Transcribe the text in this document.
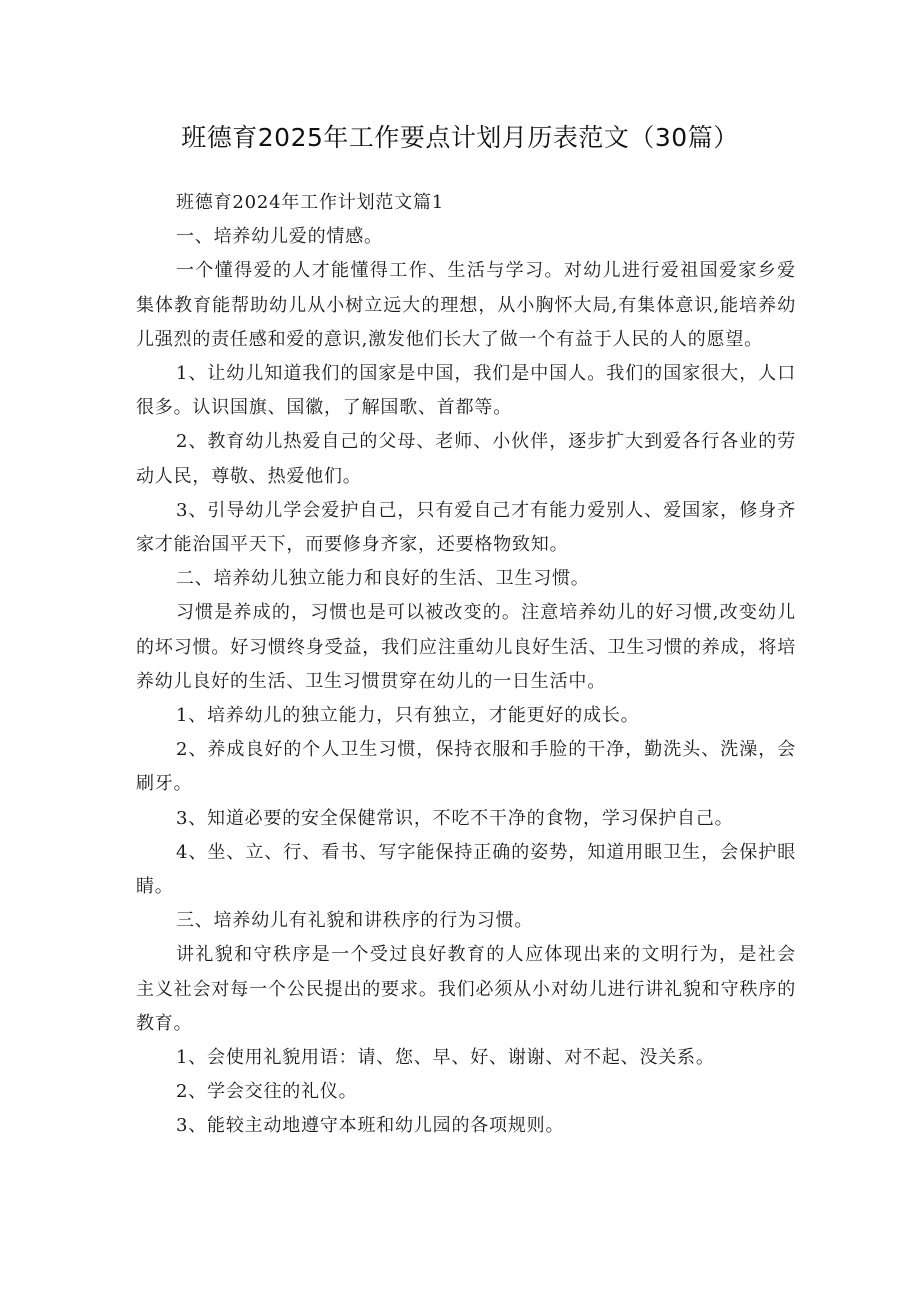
班德育2025年工作要点计划月历表范文（30篇）

班德育2024年工作计划范文篇1

一、培养幼儿爱的情感。

一个懂得爱的人才能懂得工作、生活与学习。对幼儿进行爱祖国爱家乡爱集体教育能帮助幼儿从小树立远大的理想，从小胸怀大局,有集体意识,能培养幼儿强烈的责任感和爱的意识,激发他们长大了做一个有益于人民的人的愿望。

1、让幼儿知道我们的国家是中国，我们是中国人。我们的国家很大，人口很多。认识国旗、国徽，了解国歌、首都等。

2、教育幼儿热爱自己的父母、老师、小伙伴，逐步扩大到爱各行各业的劳动人民，尊敬、热爱他们。

3、引导幼儿学会爱护自己，只有爱自己才有能力爱别人、爱国家，修身齐家才能治国平天下，而要修身齐家，还要格物致知。

二、培养幼儿独立能力和良好的生活、卫生习惯。

习惯是养成的，习惯也是可以被改变的。注意培养幼儿的好习惯,改变幼儿的坏习惯。好习惯终身受益，我们应注重幼儿良好生活、卫生习惯的养成，将培养幼儿良好的生活、卫生习惯贯穿在幼儿的一日生活中。

1、培养幼儿的独立能力，只有独立，才能更好的成长。

2、养成良好的个人卫生习惯，保持衣服和手脸的干净，勤洗头、洗澡，会刷牙。

3、知道必要的安全保健常识，不吃不干净的食物，学习保护自己。

4、坐、立、行、看书、写字能保持正确的姿势，知道用眼卫生，会保护眼睛。

三、培养幼儿有礼貌和讲秩序的行为习惯。

讲礼貌和守秩序是一个受过良好教育的人应体现出来的文明行为，是社会主义社会对每一个公民提出的要求。我们必须从小对幼儿进行讲礼貌和守秩序的教育。

1、会使用礼貌用语：请、您、早、好、谢谢、对不起、没关系。

2、学会交往的礼仪。

3、能较主动地遵守本班和幼儿园的各项规则。
